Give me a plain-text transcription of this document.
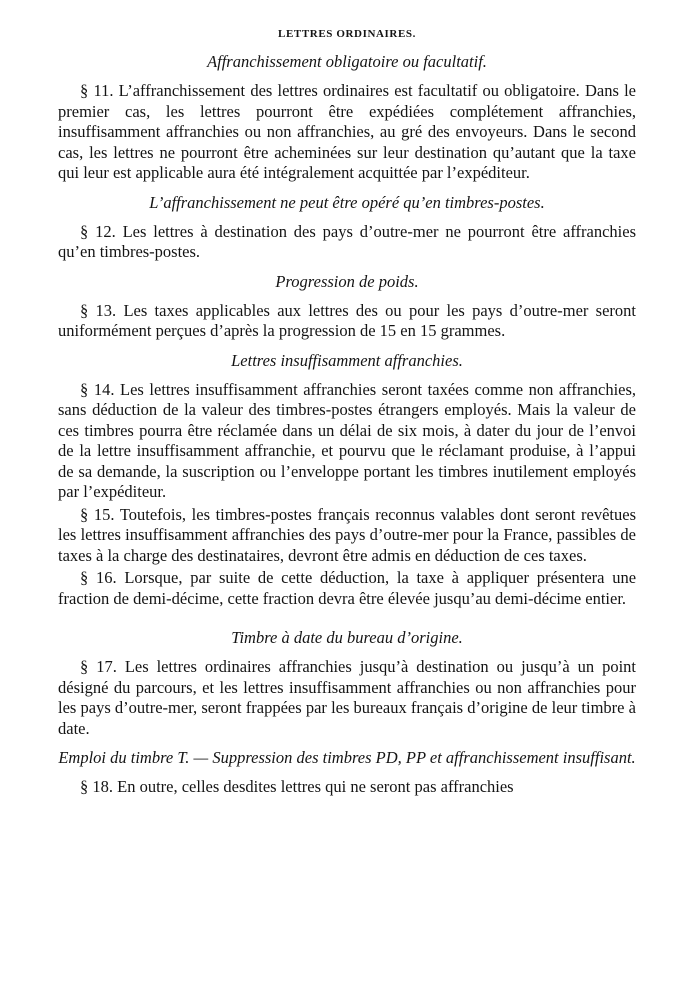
LETTRES ORDINAIRES.
Affranchissement obligatoire ou facultatif.

§ 11. L’affranchissement des lettres ordinaires est facultatif ou obligatoire. Dans le premier cas, les lettres pourront être expédiées complétement affranchies, insuffisamment affranchies ou non affranchies, au gré des envoyeurs. Dans le second cas, les lettres ne pourront être acheminées sur leur destination qu’autant que la taxe qui leur est applicable aura été intégralement acquittée par l’expéditeur.

L’affranchissement ne peut être opéré qu’en timbres-postes.

§ 12. Les lettres à destination des pays d’outre-mer ne pourront être affranchies qu’en timbres-postes.

Progression de poids.

§ 13. Les taxes applicables aux lettres des ou pour les pays d’outre-mer seront uniformément perçues d’après la progression de 15 en 15 grammes.

Lettres insuffisamment affranchies.

§ 14. Les lettres insuffisamment affranchies seront taxées comme non affranchies, sans déduction de la valeur des timbres-postes étrangers employés. Mais la valeur de ces timbres pourra être réclamée dans un délai de six mois, à dater du jour de l’envoi de la lettre insuffisamment affranchie, et pourvu que le réclamant produise, à l’appui de sa demande, la suscription ou l’enveloppe portant les timbres inutilement employés par l’expéditeur.

§ 15. Toutefois, les timbres-postes français reconnus valables dont seront revêtues les lettres insuffisamment affranchies des pays d’outre-mer pour la France, passibles de taxes à la charge des destinataires, devront être admis en déduction de ces taxes.

§ 16. Lorsque, par suite de cette déduction, la taxe à appliquer présentera une fraction de demi-décime, cette fraction devra être élevée jusqu’au demi-décime entier.

Timbre à date du bureau d’origine.

§ 17. Les lettres ordinaires affranchies jusqu’à destination ou jusqu’à un point désigné du parcours, et les lettres insuffisamment affranchies ou non affranchies pour les pays d’outre-mer, seront frappées par les bureaux français d’origine de leur timbre à date.

Emploi du timbre T. — Suppression des timbres PD, PP et affranchissement insuffisant.

§ 18. En outre, celles desdites lettres qui ne seront pas affranchies
